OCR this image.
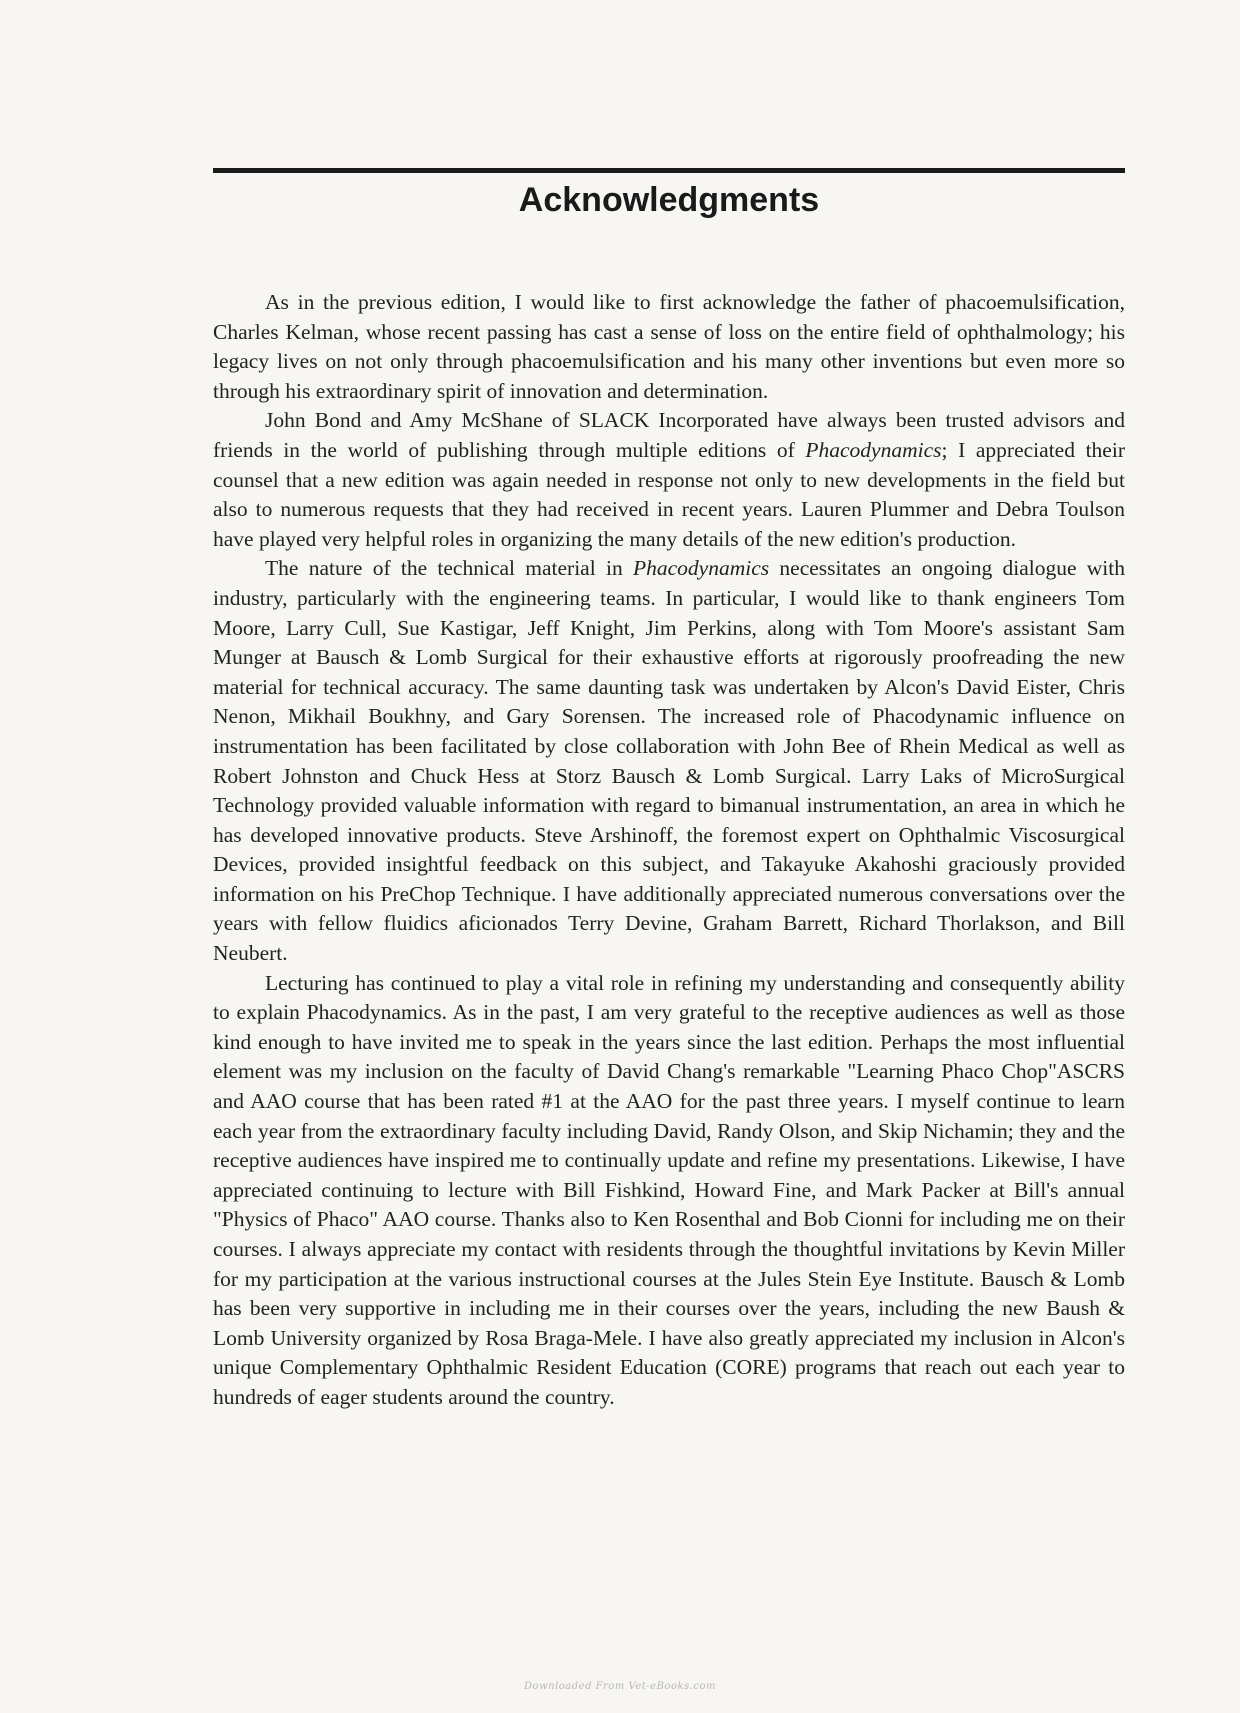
Acknowledgments

As in the previous edition, I would like to first acknowledge the father of phacoemulsification, Charles Kelman, whose recent passing has cast a sense of loss on the entire field of ophthalmology; his legacy lives on not only through phacoemulsification and his many other inventions but even more so through his extraordinary spirit of innovation and determination.

John Bond and Amy McShane of SLACK Incorporated have always been trusted advisors and friends in the world of publishing through multiple editions of Phacodynamics; I appreciated their counsel that a new edition was again needed in response not only to new developments in the field but also to numerous requests that they had received in recent years. Lauren Plummer and Debra Toulson have played very helpful roles in organizing the many details of the new edition's production.

The nature of the technical material in Phacodynamics necessitates an ongoing dialogue with industry, particularly with the engineering teams. In particular, I would like to thank engineers Tom Moore, Larry Cull, Sue Kastigar, Jeff Knight, Jim Perkins, along with Tom Moore's assistant Sam Munger at Bausch & Lomb Surgical for their exhaustive efforts at rigorously proofreading the new material for technical accuracy. The same daunting task was undertaken by Alcon's David Eister, Chris Nenon, Mikhail Boukhny, and Gary Sorensen. The increased role of Phacodynamic influence on instrumentation has been facilitated by close collaboration with John Bee of Rhein Medical as well as Robert Johnston and Chuck Hess at Storz Bausch & Lomb Surgical. Larry Laks of MicroSurgical Technology provided valuable information with regard to bimanual instrumentation, an area in which he has developed innovative products. Steve Arshinoff, the foremost expert on Ophthalmic Viscosurgical Devices, provided insightful feedback on this subject, and Takayuke Akahoshi graciously provided information on his PreChop Technique. I have additionally appreciated numerous conversations over the years with fellow fluidics aficionados Terry Devine, Graham Barrett, Richard Thorlakson, and Bill Neubert.

Lecturing has continued to play a vital role in refining my understanding and consequently ability to explain Phacodynamics. As in the past, I am very grateful to the receptive audiences as well as those kind enough to have invited me to speak in the years since the last edition. Perhaps the most influential element was my inclusion on the faculty of David Chang's remarkable "Learning Phaco Chop"ASCRS and AAO course that has been rated #1 at the AAO for the past three years. I myself continue to learn each year from the extraordinary faculty including David, Randy Olson, and Skip Nichamin; they and the receptive audiences have inspired me to continually update and refine my presentations. Likewise, I have appreciated continuing to lecture with Bill Fishkind, Howard Fine, and Mark Packer at Bill's annual "Physics of Phaco" AAO course. Thanks also to Ken Rosenthal and Bob Cionni for including me on their courses. I always appreciate my contact with residents through the thoughtful invitations by Kevin Miller for my participation at the various instructional courses at the Jules Stein Eye Institute. Bausch & Lomb has been very supportive in including me in their courses over the years, including the new Baush & Lomb University organized by Rosa Braga-Mele. I have also greatly appreciated my inclusion in Alcon's unique Complementary Ophthalmic Resident Education (CORE) programs that reach out each year to hundreds of eager students around the country.

Downloaded From Vet-eBooks.com
